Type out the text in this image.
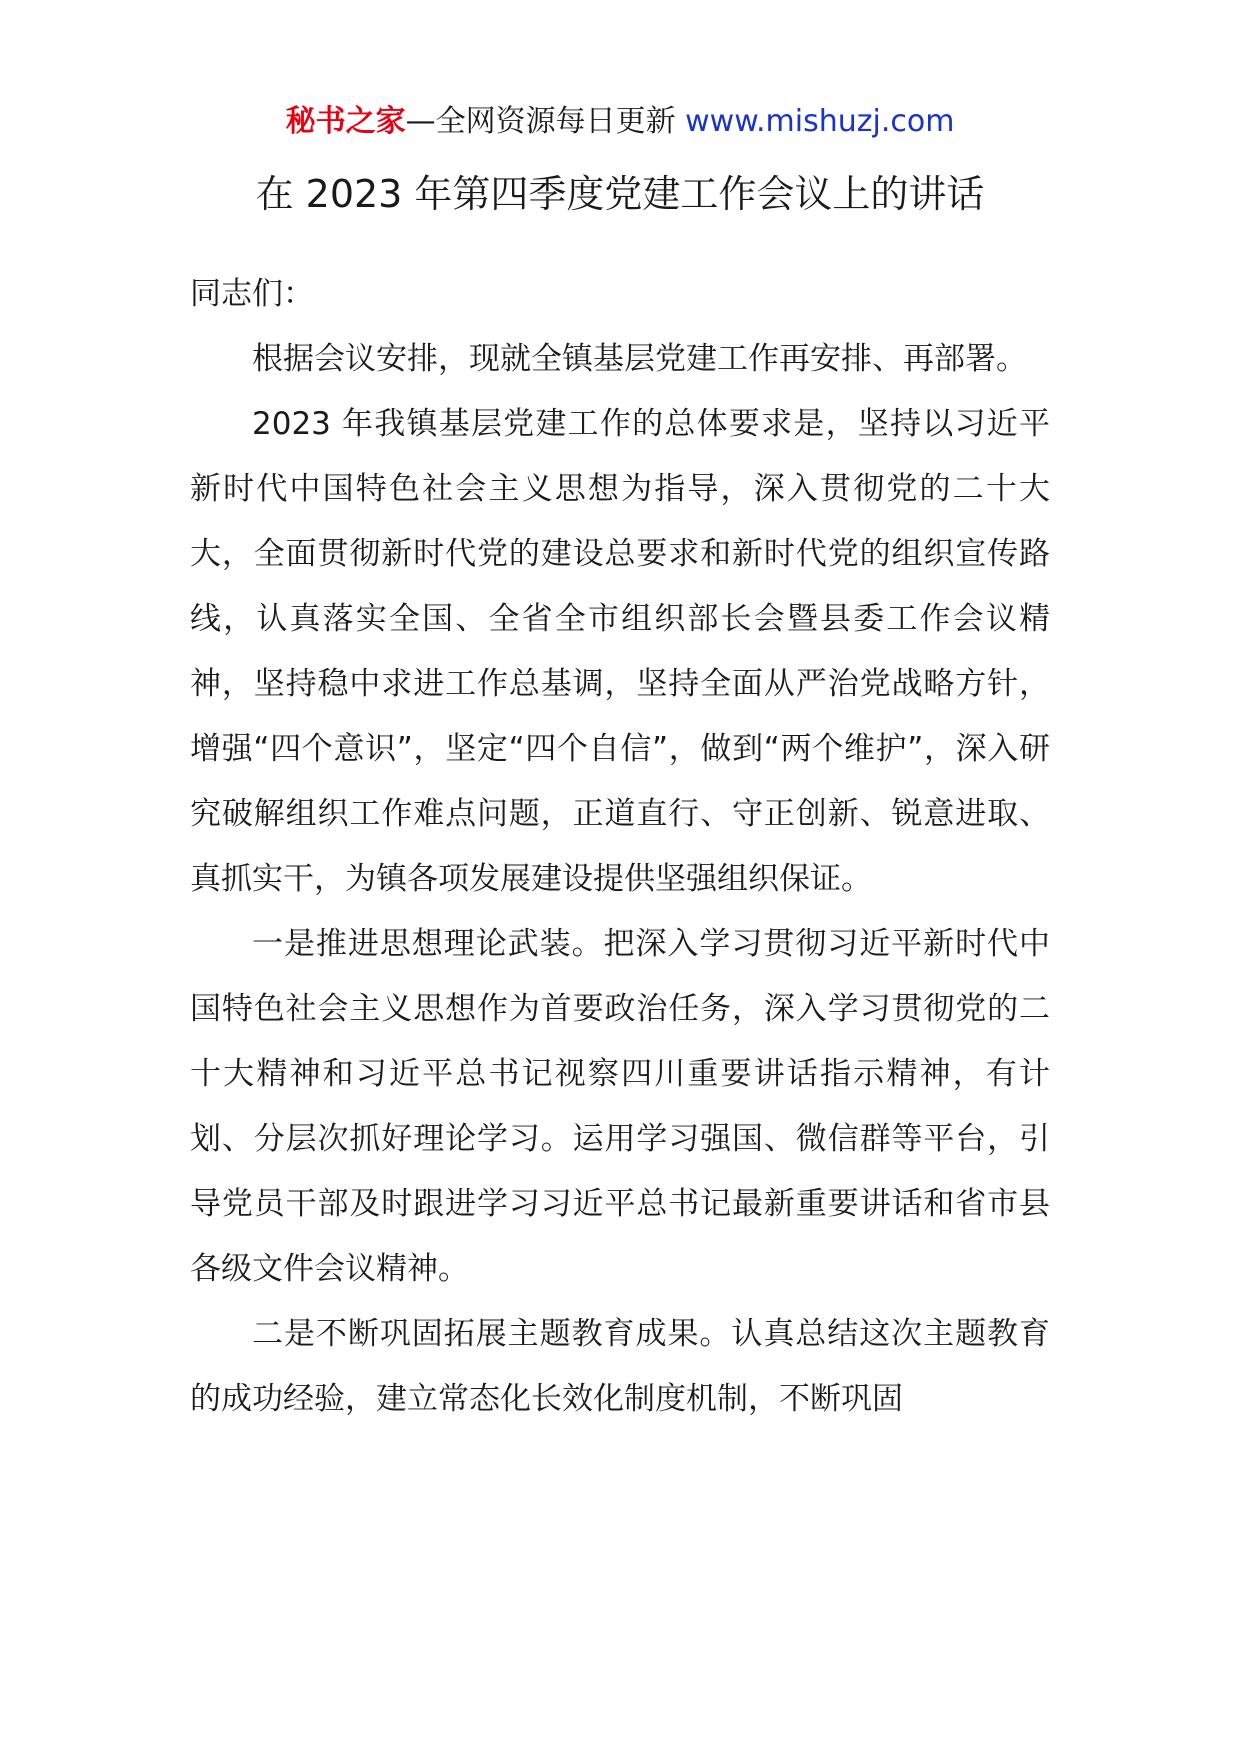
秘书之家—全网资源每日更新 www.mishuzj.com
在 2023 年第四季度党建工作会议上的讲话

同志们：

根据会议安排，现就全镇基层党建工作再安排、再部署。

2023 年我镇基层党建工作的总体要求是，坚持以习近平新时代中国特色社会主义思想为指导，深入贯彻党的二十大大，全面贯彻新时代党的建设总要求和新时代党的组织宣传路线，认真落实全国、全省全市组织部长会暨县委工作会议精神，坚持稳中求进工作总基调，坚持全面从严治党战略方针，增强“四个意识”，坚定“四个自信”，做到“两个维护”，深入研究破解组织工作难点问题，正道直行、守正创新、锐意进取、真抓实干，为镇各项发展建设提供坚强组织保证。

一是推进思想理论武装。把深入学习贯彻习近平新时代中国特色社会主义思想作为首要政治任务，深入学习贯彻党的二十大精神和习近平总书记视察四川重要讲话指示精神，有计划、分层次抓好理论学习。运用学习强国、微信群等平台，引导党员干部及时跟进学习习近平总书记最新重要讲话和省市县各级文件会议精神。

二是不断巩固拓展主题教育成果。认真总结这次主题教育的成功经验，建立常态化长效化制度机制，不断巩固
